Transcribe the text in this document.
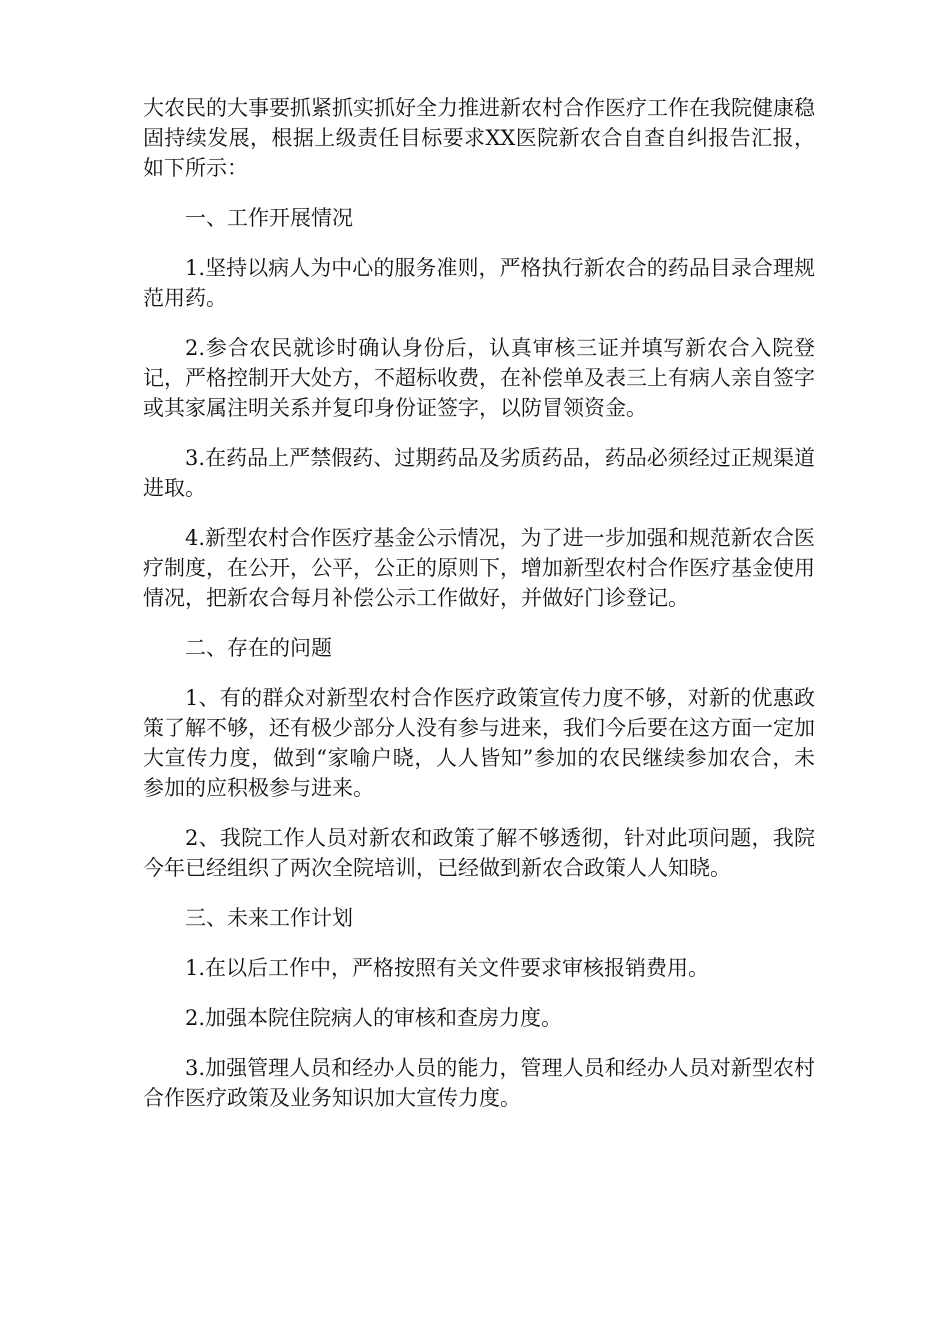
大农民的大事要抓紧抓实抓好全力推进新农村合作医疗工作在我院健康稳固持续发展，根据上级责任目标要求XX医院新农合自查自纠报告汇报，如下所示：

一、工作开展情况

1.坚持以病人为中心的服务准则，严格执行新农合的药品目录合理规范用药。

2.参合农民就诊时确认身份后，认真审核三证并填写新农合入院登记，严格控制开大处方，不超标收费，在补偿单及表三上有病人亲自签字或其家属注明关系并复印身份证签字，以防冒领资金。

3.在药品上严禁假药、过期药品及劣质药品，药品必须经过正规渠道进取。

4.新型农村合作医疗基金公示情况，为了进一步加强和规范新农合医疗制度，在公开，公平，公正的原则下，增加新型农村合作医疗基金使用情况，把新农合每月补偿公示工作做好，并做好门诊登记。

二、存在的问题

1、有的群众对新型农村合作医疗政策宣传力度不够，对新的优惠政策了解不够，还有极少部分人没有参与进来，我们今后要在这方面一定加大宣传力度，做到“家喻户晓，人人皆知”参加的农民继续参加农合，未参加的应积极参与进来。

2、我院工作人员对新农和政策了解不够透彻，针对此项问题，我院今年已经组织了两次全院培训，已经做到新农合政策人人知晓。

三、未来工作计划

1.在以后工作中，严格按照有关文件要求审核报销费用。

2.加强本院住院病人的审核和查房力度。

3.加强管理人员和经办人员的能力，管理人员和经办人员对新型农村合作医疗政策及业务知识加大宣传力度。
